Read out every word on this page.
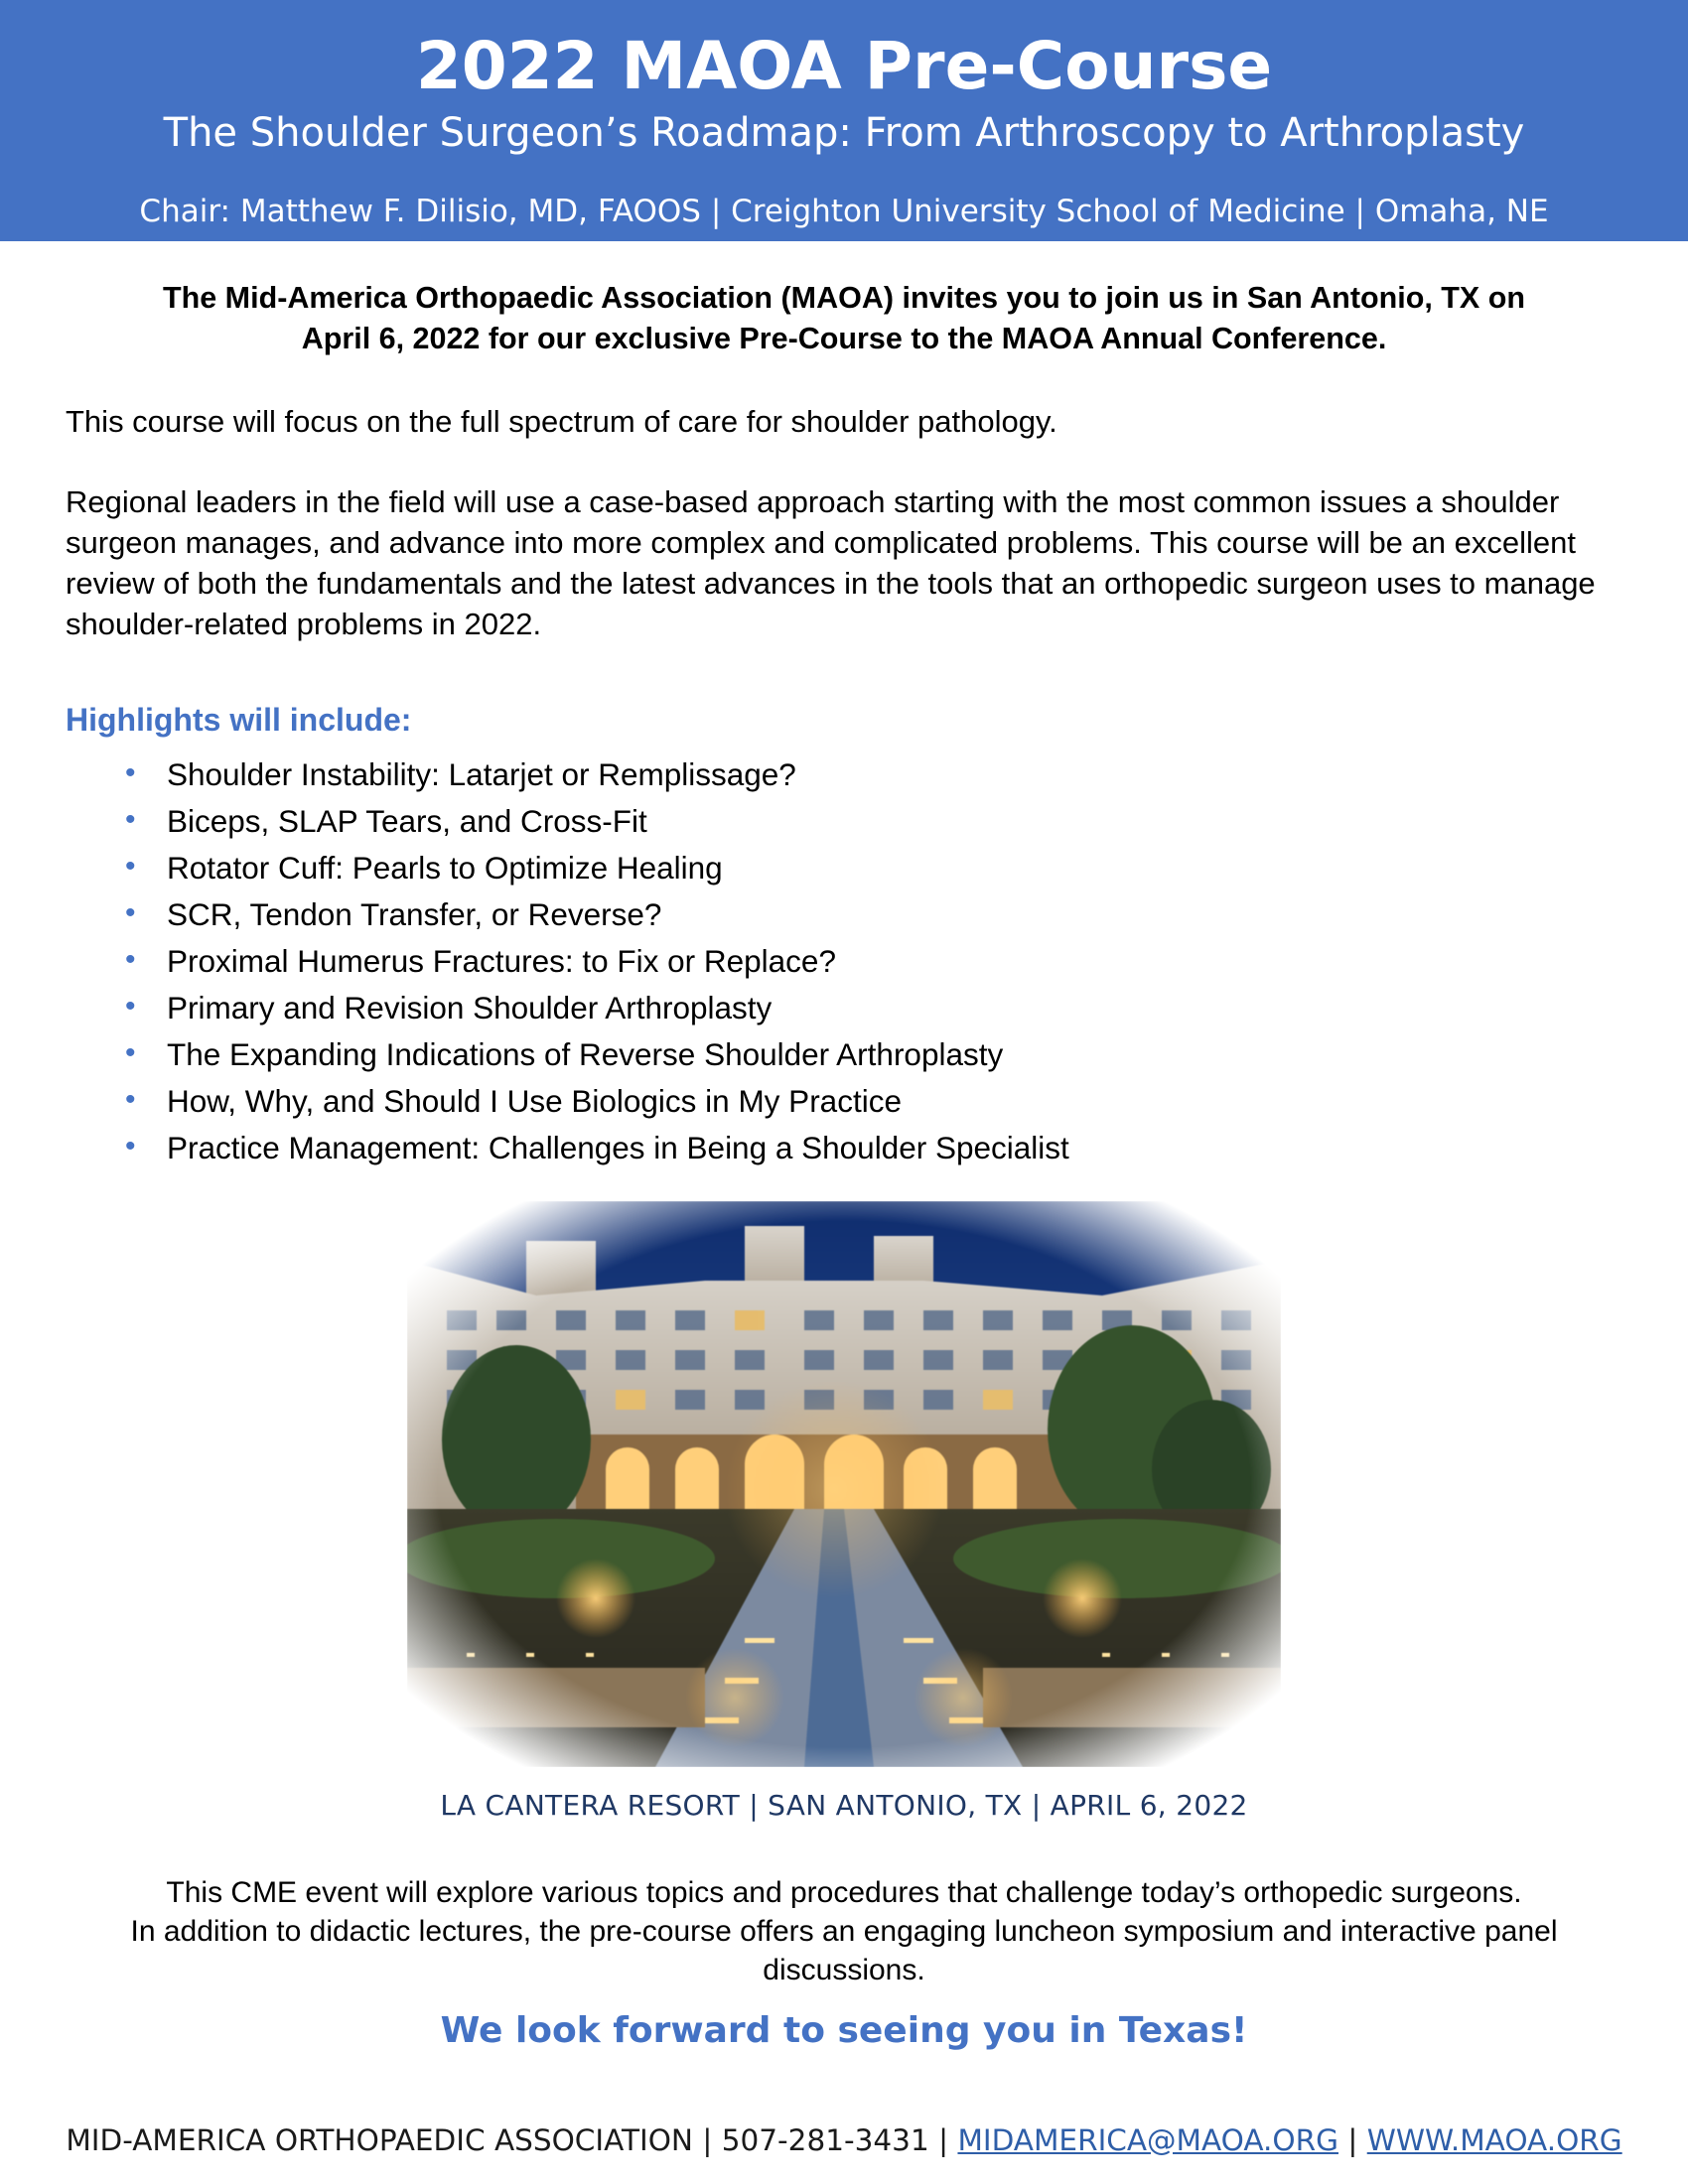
2022 MAOA Pre-Course
The Shoulder Surgeon’s Roadmap: From Arthroscopy to Arthroplasty
Chair: Matthew F. Dilisio, MD, FAOOS | Creighton University School of Medicine | Omaha, NE
The Mid-America Orthopaedic Association (MAOA) invites you to join us in San Antonio, TX on
April 6, 2022 for our exclusive Pre-Course to the MAOA Annual Conference.
This course will focus on the full spectrum of care for shoulder pathology.
Regional leaders in the field will use a case-based approach starting with the most common issues a shoulder surgeon manages, and advance into more complex and complicated problems. This course will be an excellent review of both the fundamentals and the latest advances in the tools that an orthopedic surgeon uses to manage shoulder-related problems in 2022.
Highlights will include:
• Shoulder Instability: Latarjet or Remplissage?
• Biceps, SLAP Tears, and Cross-Fit
• Rotator Cuff: Pearls to Optimize Healing
• SCR, Tendon Transfer, or Reverse?
• Proximal Humerus Fractures: to Fix or Replace?
• Primary and Revision Shoulder Arthroplasty
• The Expanding Indications of Reverse Shoulder Arthroplasty
• How, Why, and Should I Use Biologics in My Practice
• Practice Management: Challenges in Being a Shoulder Specialist
LA CANTERA RESORT | SAN ANTONIO, TX | APRIL 6, 2022
This CME event will explore various topics and procedures that challenge today’s orthopedic surgeons.
In addition to didactic lectures, the pre-course offers an engaging luncheon symposium and interactive panel discussions.
We look forward to seeing you in Texas!
MID-AMERICA ORTHOPAEDIC ASSOCIATION | 507-281-3431 | MIDAMERICA@MAOA.ORG | WWW.MAOA.ORG
